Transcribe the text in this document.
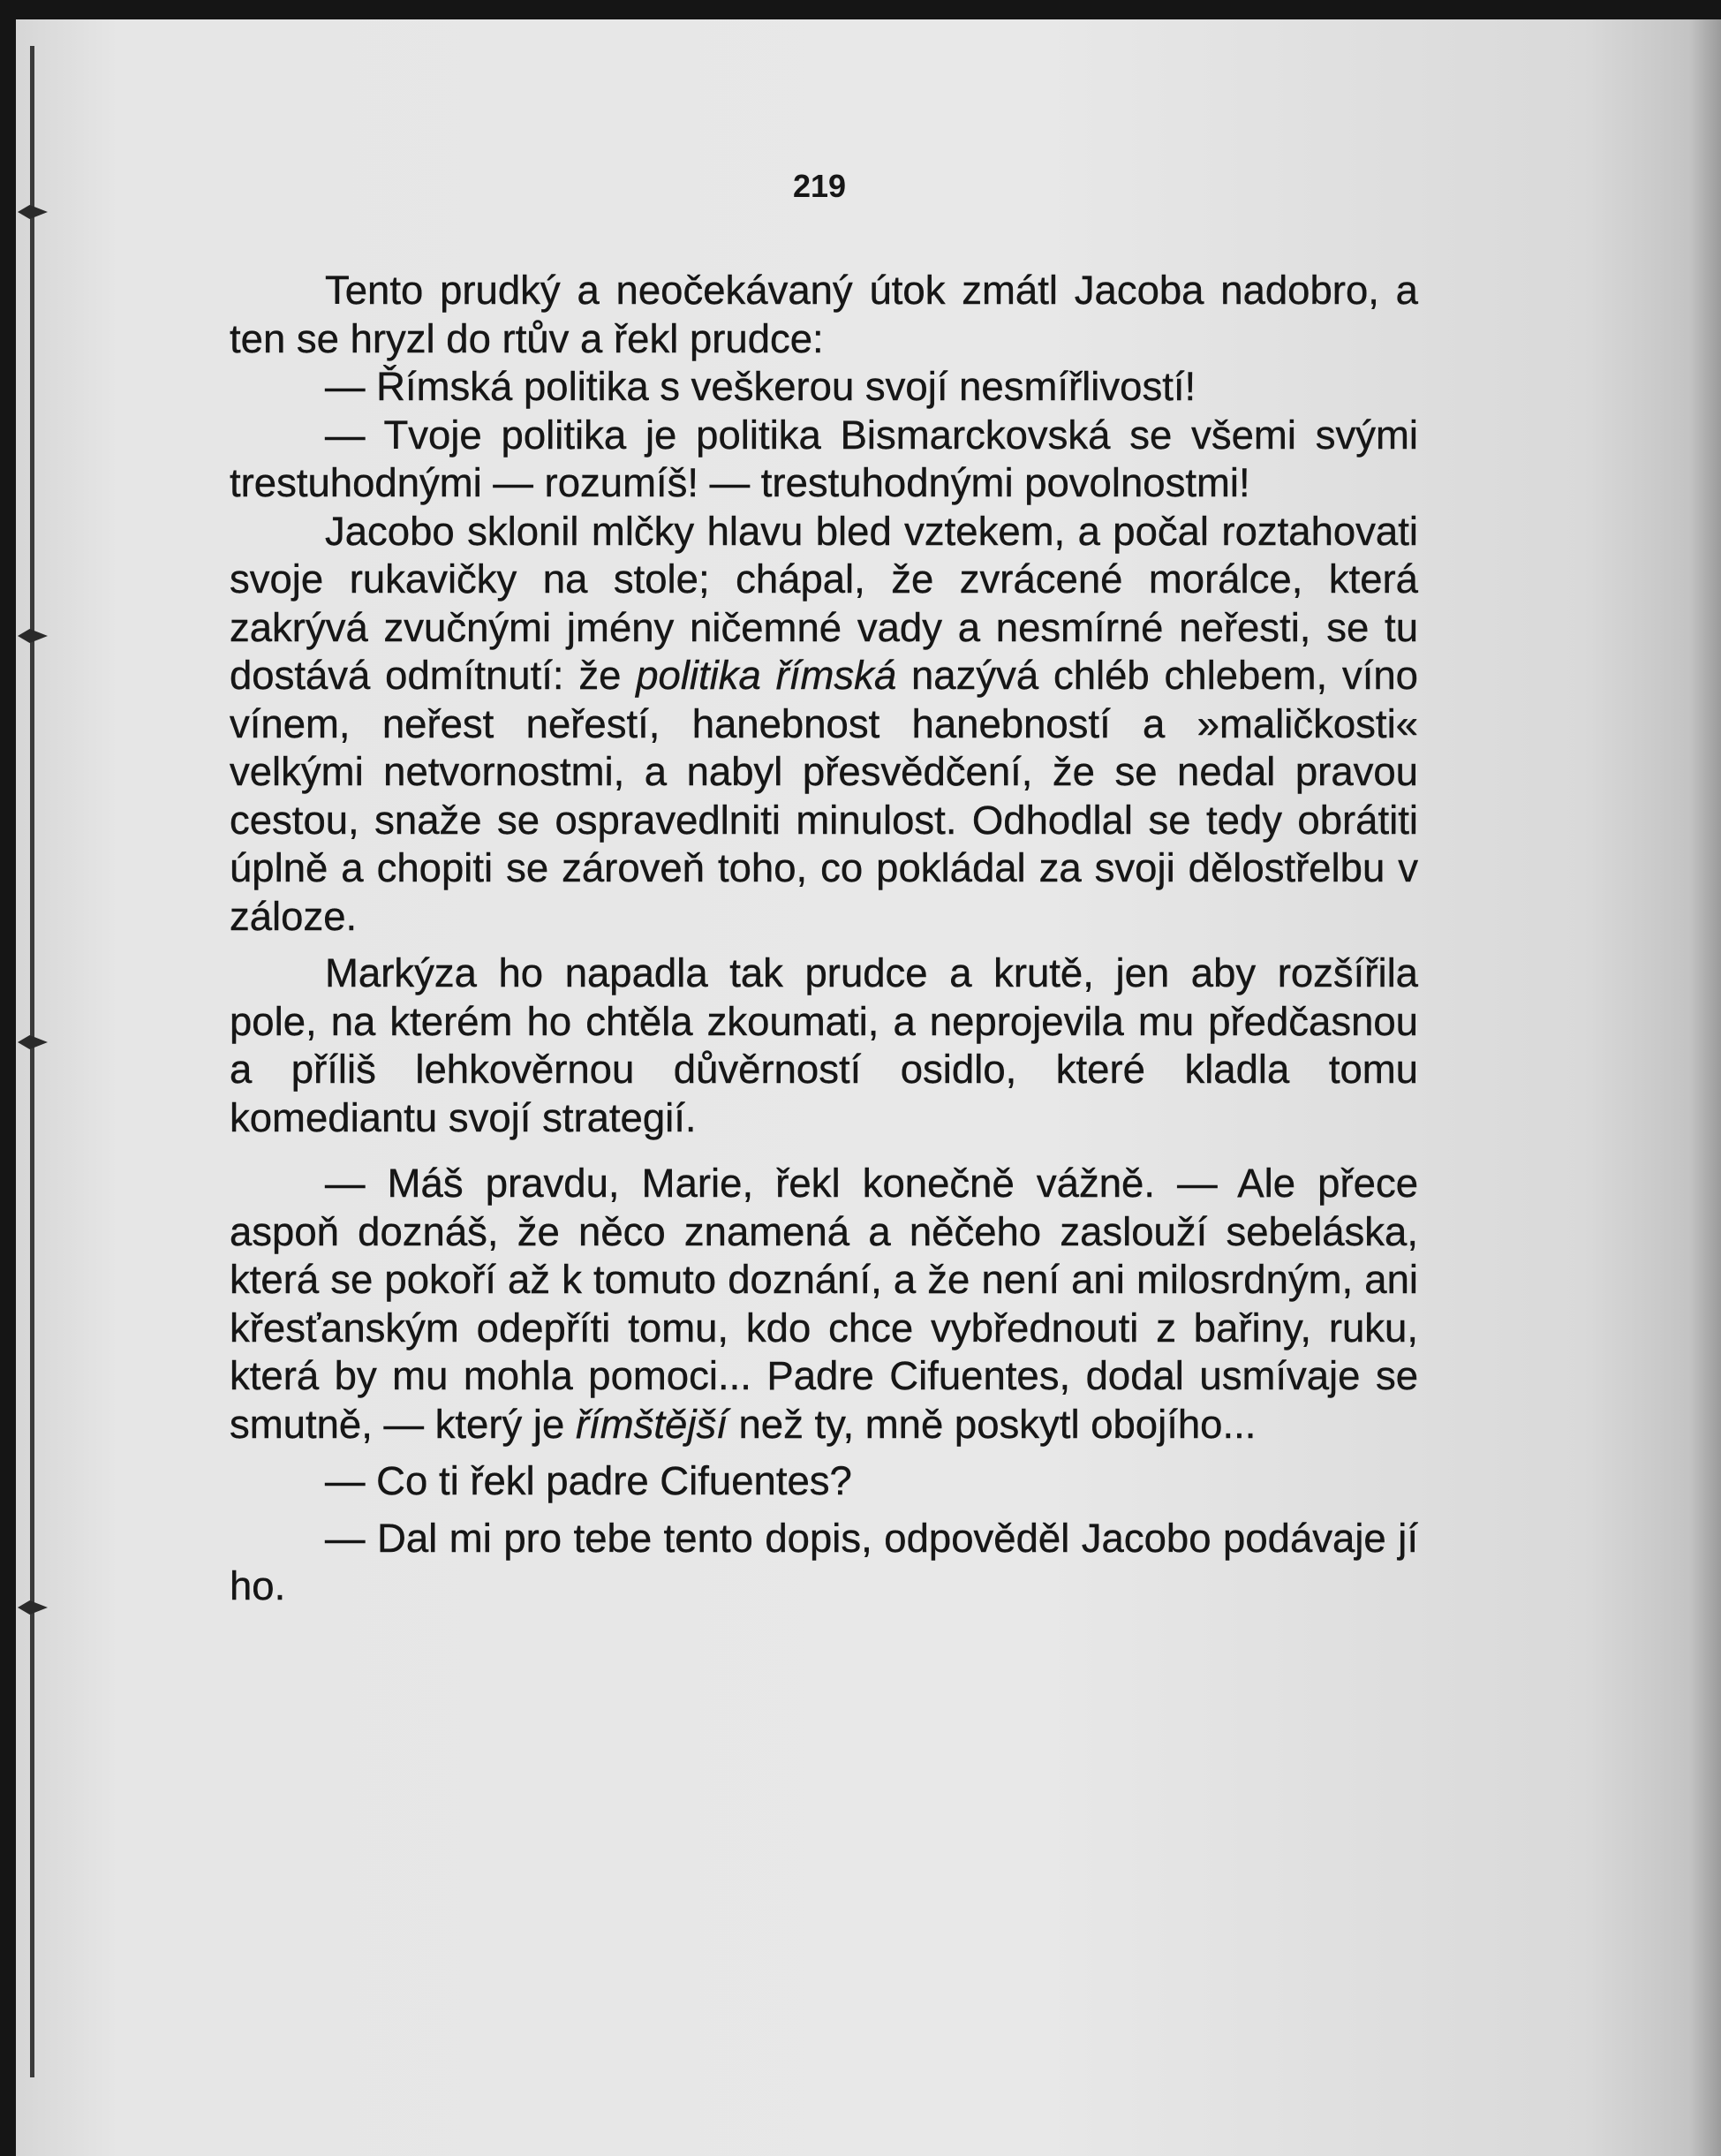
219

Tento prudký a neočekávaný útok zmátl Jacoba nadobro, a ten se hryzl do rtův a řekl prudce:

— Římská politika s veškerou svojí nesmířlivostí!

— Tvoje politika je politika Bismarckovská se všemi svými trestuhodnými — rozumíš! — trestuhodnými povolnostmi!

Jacobo sklonil mlčky hlavu bled vztekem, a počal roztahovati svoje rukavičky na stole; chápal, že zvrácené morálce, která zakrývá zvučnými jmény ničemné vady a nesmírné neřesti, se tu dostává odmítnutí: že politika římská nazývá chléb chlebem, víno vínem, neřest neřestí, hanebnost hanebností a »maličkosti« velkými netvornostmi, a nabyl přesvědčení, že se nedal pravou cestou, snaže se ospravedlniti minulost. Odhodlal se tedy obrátiti úplně a chopiti se zároveň toho, co pokládal za svoji dělostřelbu v záloze.

Markýza ho napadla tak prudce a krutě, jen aby rozšířila pole, na kterém ho chtěla zkoumati, a neprojevila mu předčasnou a příliš lehkověrnou důvěrností osidlo, které kladla tomu komediantu svojí strategií.

— Máš pravdu, Marie, řekl konečně vážně. — Ale přece aspoň doznáš, že něco znamená a něčeho zaslouží sebeláska, která se pokoří až k tomuto doznání, a že není ani milosrdným, ani křesťanským odepříti tomu, kdo chce vybřednouti z bařiny, ruku, která by mu mohla pomoci... Padre Cifuentes, dodal usmívaje se smutně, — který je římštější než ty, mně poskytl obojího...

— Co ti řekl padre Cifuentes?

— Dal mi pro tebe tento dopis, odpověděl Jacobo podávaje jí ho.
